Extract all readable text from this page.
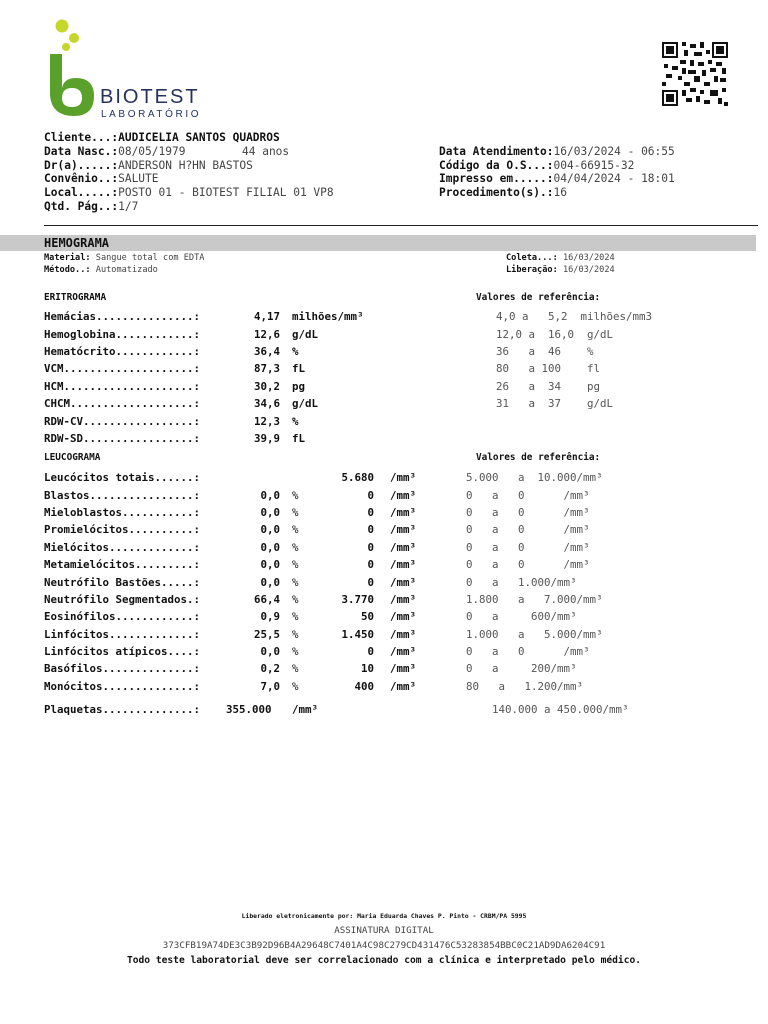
BIOTEST
LABORATÓRIO
Cliente...:AUDICELIA SANTOS QUADROS
Data Nasc.:08/05/1979	44 anos
Dr(a).....:ANDERSON H?HN BASTOS
Convênio..:SALUTE
Local.....:POSTO 01 - BIOTEST FILIAL 01 VP8
Qtd. Pág..:1/7
Data Atendimento:16/03/2024 - 06:55
Código da O.S...:004-66915-32
Impresso em.....:04/04/2024 - 18:01
Procedimento(s).:16
HEMOGRAMA
Material: Sangue total com EDTA
Método..: Automatizado
Coleta...: 16/03/2024
Liberação: 16/03/2024
ERITROGRAMA	Valores de referência:
Hemácias...............:	4,17	milhões/mm³	4,0 a   5,2  milhões/mm3
Hemoglobina............:	12,6	g/dL	12,0 a  16,0  g/dL
Hematócrito............:	36,4	%	36   a  46    %
VCM....................:	87,3	fL	80   a 100    fl
HCM....................:	30,2	pg	26   a  34    pg
CHCM...................:	34,6	g/dL	31   a  37    g/dL
RDW-CV.................:	12,3	%	
RDW-SD.................:	39,9	fL	
LEUCOGRAMA	Valores de referência:
Leucócitos totais......:			5.680	/mm³	5.000   a  10.000/mm³
Blastos................:	0,0	%	0	/mm³	0   a   0      /mm³
Mieloblastos...........:	0,0	%	0	/mm³	0   a   0      /mm³
Promielócitos..........:	0,0	%	0	/mm³	0   a   0      /mm³
Mielócitos.............:	0,0	%	0	/mm³	0   a   0      /mm³
Metamielócitos.........:	0,0	%	0	/mm³	0   a   0      /mm³
Neutrófilo Bastões.....:	0,0	%	0	/mm³	0   a   1.000/mm³
Neutrófilo Segmentados.:	66,4	%	3.770	/mm³	1.800   a   7.000/mm³
Eosinófilos............:	0,9	%	50	/mm³	0   a     600/mm³
Linfócitos.............:	25,5	%	1.450	/mm³	1.000   a   5.000/mm³
Linfócitos atípicos....:	0,0	%	0	/mm³	0   a   0      /mm³
Basófilos..............:	0,2	%	10	/mm³	0   a     200/mm³
Monócitos..............:	7,0	%	400	/mm³	80   a   1.200/mm³
Plaquetas..............:	355.000	/mm³	140.000 a 450.000/mm³
Liberado eletronicamente por: Maria Eduarda Chaves P. Pinto - CRBM/PA 5995
ASSINATURA DIGITAL
373CFB19A74DE3C3B92D96B4A29648C7401A4C98C279CD431476C53283854BBC0C21AD9DA6204C91
Todo teste laboratorial deve ser correlacionado com a clínica e interpretado pelo médico.
